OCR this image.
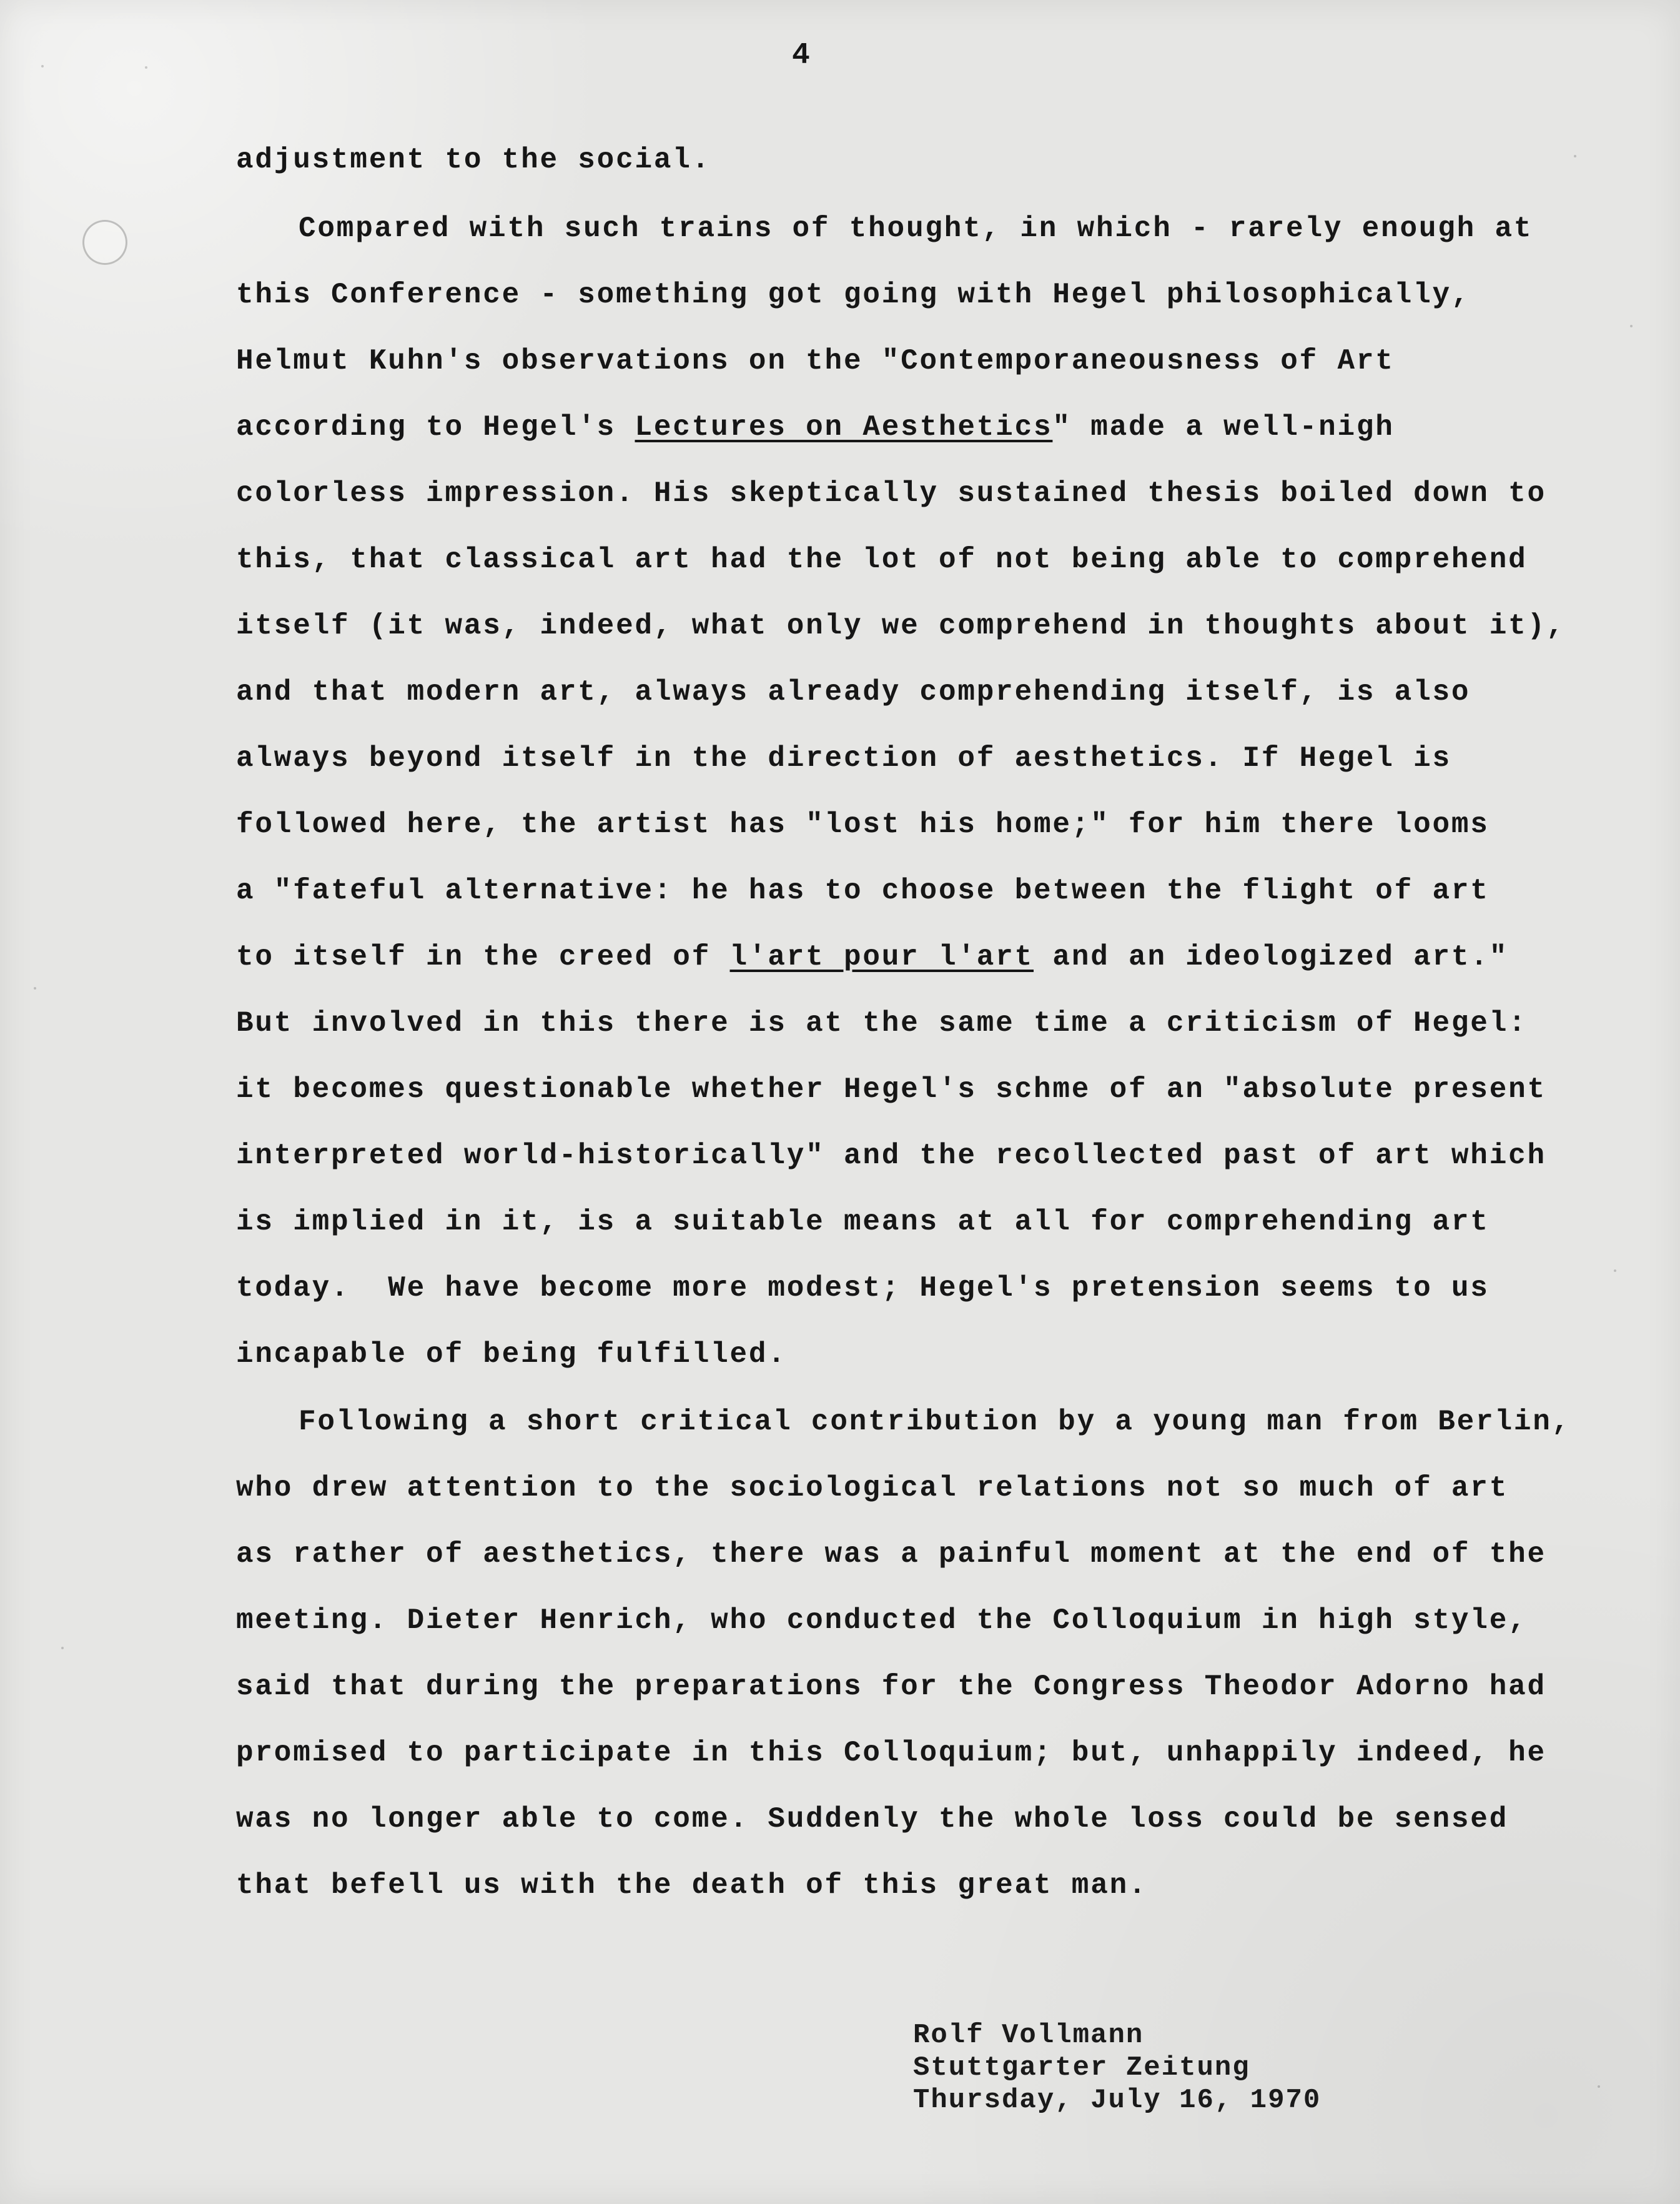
4
adjustment to the social.
Compared with such trains of thought, in which - rarely enough at
this Conference - something got going with Hegel philosophically,
Helmut Kuhn's observations on the "Contemporaneousness of Art
according to Hegel's Lectures on Aesthetics" made a well-nigh
colorless impression. His skeptically sustained thesis boiled down to
this, that classical art had the lot of not being able to comprehend
itself (it was, indeed, what only we comprehend in thoughts about it),
and that modern art, always already comprehending itself, is also
always beyond itself in the direction of aesthetics. If Hegel is
followed here, the artist has "lost his home;" for him there looms
a "fateful alternative: he has to choose between the flight of art
to itself in the creed of l'art pour l'art and an ideologized art."
But involved in this there is at the same time a criticism of Hegel:
it becomes questionable whether Hegel's schme of an "absolute present
interpreted world-historically" and the recollected past of art which
is implied in it, is a suitable means at all for comprehending art
today.  We have become more modest; Hegel's pretension seems to us
incapable of being fulfilled.
Following a short critical contribution by a young man from Berlin,
who drew attention to the sociological relations not so much of art
as rather of aesthetics, there was a painful moment at the end of the
meeting. Dieter Henrich, who conducted the Colloquium in high style,
said that during the preparations for the Congress Theodor Adorno had
promised to participate in this Colloquium; but, unhappily indeed, he
was no longer able to come. Suddenly the whole loss could be sensed
that befell us with the death of this great man.
Rolf Vollmann
Stuttgarter Zeitung
Thursday, July 16, 1970
